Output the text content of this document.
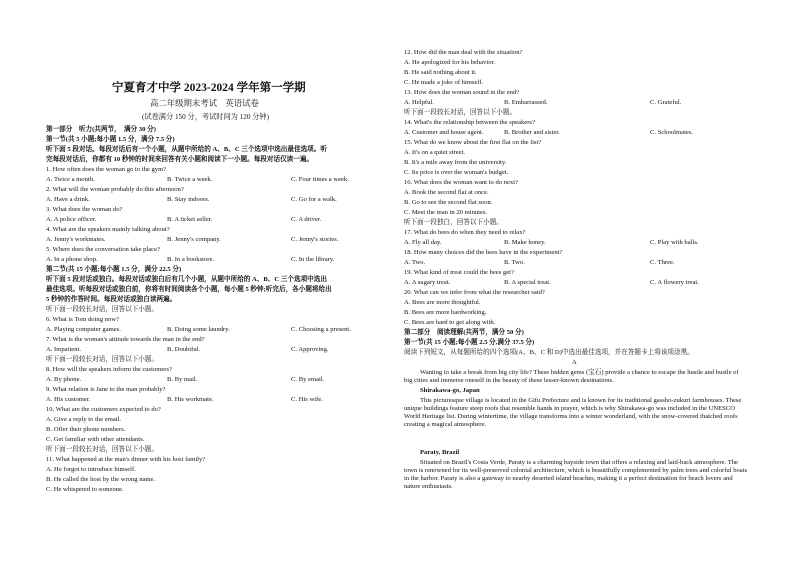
宁夏育才中学 2023-2024 学年第一学期
高二年级期末考试　英语试卷
(试卷满分 150 分，考试时间为 120 分钟)
第一部分　听力(共两节，　满分 30 分)
第一节(共 5 小题;每小题 1.5 分，满分 7.5 分)
听下面 5 段对话。每段对话后有一个小题，从题中所给的 A、B、C 三个选项中选出最佳选项。听
完每段对话后，你都有 10 秒钟的时间来回答有关小题和阅读下一小题。每段对话仅读一遍。
1. How often does the woman go to the gym?
A. Twice a month.	B. Twice a week.	C. Four times a week.
2. What will the woman probably do this afternoon?
A. Have a drink.	B. Stay indoors.	C. Go for a walk.
3. What does the woman do?
A. A police officer.	B. A ticket seller.	C. A driver.
4. What are the speakers mainly talking about?
A. Jenny's workmates.	B. Jenny's company.	C. Jenny's stories.
5. Where does the conversation take place?
A. In a phone shop.	B. In a bookstore.	C. In the library.
第二节(共 15 小题;每小题 1.5 分，满分 22.5 分)
听下面 5 段对话或独白。每段对话或独白后有几个小题，从题中所给的 A、B、C 三个选项中选出
最佳选项。听每段对话或独白前，你将有时间阅读各个小题，每小题 5 秒钟;听完后，各小题将给出
5 秒钟的作答时间。每段对话或独白读两遍。
听下面一段较长对话，回答以下小题。
6. What is Tom doing now?
A. Playing computer games.	B. Doing some laundry.	C. Choosing a present.
7. What is the woman's attitude towards the man in the end?
A. Impatient.	B. Doubtful.	C. Approving.
听下面一段较长对话，回答以下小题。
8. How will the speakers inform the customers?
A. By phone.	B. By mail.	C. By email.
9. What relation is Jane to the man probably?
A. His customer.	B. His workmate.	C. His wife.
10. What are the customers expected to do?
A. Give a reply to the email.
B. Offer their phone numbers.
C. Get familiar with other attendants.
听下面一段较长对话，回答以下小题。
11. What happened at the man's dinner with his host family?
A. He forgot to introduce himself.
B. He called the host by the wrong name.
C. He whispered to someone.
12. How did the man deal with the situation?
A. He apologized for his behavior.
B. He said nothing about it.
C. He made a joke of himself.
13. How does the woman sound in the end?
A. Helpful.	B. Embarrassed.	C. Grateful.
听下面一段较长对话，回答以下小题。
14. What's the relationship between the speakers?
A. Customer and house agent.	B. Brother and sister.	C. Schoolmates.
15. What do we know about the first flat on the list?
A. It's on a quiet street.
B. It's a mile away from the university.
C. Its price is over the woman's budget.
16. What does the woman want to do next?
A. Book the second flat at once.
B. Go to see the second flat soon.
C. Meet the man in 20 minutes.
听下面一段独白，回答以下小题。
17. What do bees do when they need to relax?
A. Fly all day.	B. Make honey.	C. Play with balls.
18. How many choices did the bees have in the experiment?
A. Two.	B. Two.	C. Three.
19. What kind of treat could the bees get?
A. A sugary treat.	B. A special treat.	C. A flowery treat.
20. What can we infer from what the researcher said?
A. Bees are more thoughtful.
B. Bees are more hardworking.
C. Bees are hard to get along with.
第二部分　阅读理解(共两节，满分 50 分)
第一节(共 15 小题;每小题 2.5 分,满分 37.5 分)
阅读下列短文，从每题所给的四个选项(A、B、C 和 D)中选出最佳选项，并在答题卡上将该项涂黑。
A
Wanting to take a break from big city life? These hidden gems (宝石) provide a chance to escape the hustle and bustle of big cities and immerse oneself in the beauty of these lesser-known destinations.
Shirakawa-go, Japan
This picturesque village is located in the Gifu Prefecture and is known for its traditional gassho-zukuri farmhouses. These unique buildings feature steep roofs that resemble hands in prayer, which is why Shirakawa-go was included in the UNESCO World Heritage list. During wintertime, the village transforms into a winter wonderland, with the snow-covered thatched roofs creating a magical atmosphere.
Paraty, Brazil
Situated on Brazil's Costa Verde, Paraty is a charming bayside town that offers a relaxing and laid-back atmosphere. The town is renowned for its well-preserved colonial architecture, which is beautifully complemented by palm trees and colorful boats in the harbor. Paraty is also a gateway to nearby deserted island beaches, making it a perfect destination for beach lovers and nature enthusiasts.
